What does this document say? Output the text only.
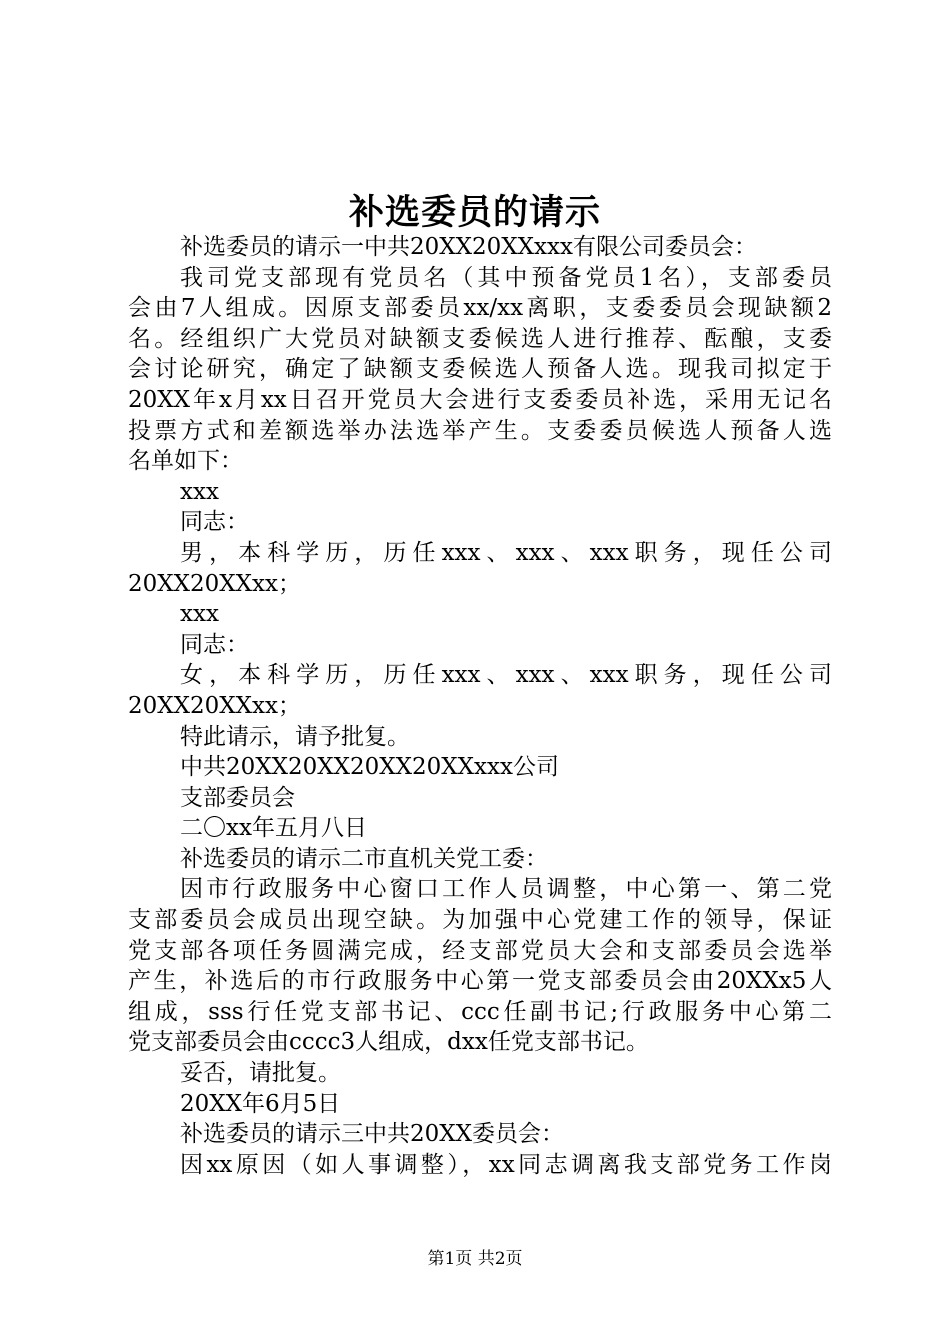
补选委员的请示

补选委员的请示一中共20XX20XXxxx有限公司委员会：

我司党支部现有党员名（其中预备党员1名），支部委员

会由7人组成。因原支部委员xx/xx离职，支委委员会现缺额2

名。经组织广大党员对缺额支委候选人进行推荐、酝酿，支委

会讨论研究，确定了缺额支委候选人预备人选。现我司拟定于

20XX年x月xx日召开党员大会进行支委委员补选，采用无记名

投票方式和差额选举办法选举产生。支委委员候选人预备人选

名单如下：

xxx

同志：

男，本科学历，历任xxx、xxx、xxx职务，现任公司

20XX20XXxx；

xxx

同志：

女，本科学历，历任xxx、xxx、xxx职务，现任公司

20XX20XXxx；

特此请示，请予批复。

中共20XX20XX20XX20XXxxx公司

支部委员会

二〇xx年五月八日

补选委员的请示二市直机关党工委：

因市行政服务中心窗口工作人员调整，中心第一、第二党

支部委员会成员出现空缺。为加强中心党建工作的领导，保证

党支部各项任务圆满完成，经支部党员大会和支部委员会选举

产生，补选后的市行政服务中心第一党支部委员会由20XXx5人

组成，sss行任党支部书记、ccc任副书记;行政服务中心第二

党支部委员会由cccc3人组成，dxx任党支部书记。

妥否，请批复。

20XX年6月5日

补选委员的请示三中共20XX委员会：

因xx原因（如人事调整），xx同志调离我支部党务工作岗

第1页 共2页
